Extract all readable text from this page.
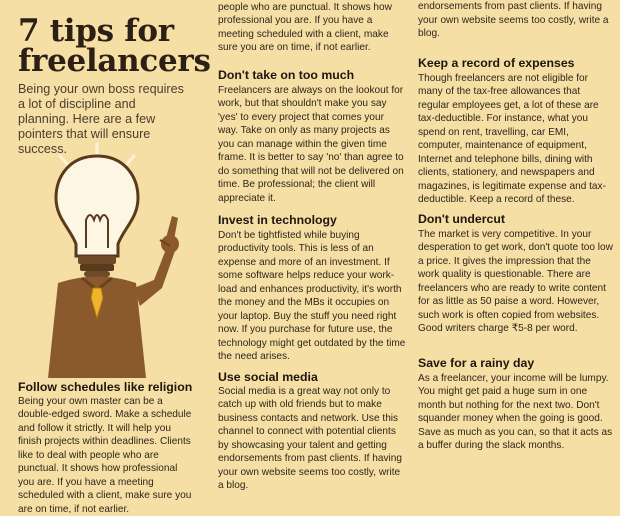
7 tips for freelancers
Being your own boss requires a lot of discipline and planning. Here are a few pointers that will ensure success.
Follow schedules like religion
Being your own master can be a double-edged sword. Make a schedule and follow it strictly. It will help you finish projects within deadlines. Clients like to deal with people who are punctual. It shows how professional you are. If you have a meeting scheduled with a client, make sure you are on time, if not earlier.
people who are punctual. It shows how professional you are. If you have a meeting scheduled with a client, make sure you are on time, if not earlier.
Don't take on too much
Freelancers are always on the lookout for work, but that shouldn't make you say 'yes' to every project that comes your way. Take on only as many projects as you can manage within the given time frame. It is better to say 'no' than agree to do something that will not be delivered on time. Be professional; the client will appreciate it.
Invest in technology
Don't be tightfisted while buying productivity tools. This is less of an expense and more of an investment. If some software helps reduce your work-load and enhances productivity, it's worth the money and the MBs it occupies on your laptop. Buy the stuff you need right now. If you purchase for future use, the technology might get outdated by the time the need arises.
Use social media
Social media is a great way not only to catch up with old friends but to make business contacts and network. Use this channel to connect with potential clients by showcasing your talent and getting endorsements from past clients. If having your own website seems too costly, write a blog.
endorsements from past clients. If having your own website seems too costly, write a blog.
Keep a record of expenses
Though freelancers are not eligible for many of the tax-free allowances that regular employees get, a lot of these are tax-deductible. For instance, what you spend on rent, travelling, car EMI, computer, maintenance of equipment, Internet and telephone bills, dining with clients, stationery, and newspapers and magazines, is legitimate expense and tax-deductible. Keep a record of these.
Don't undercut
The market is very competitive. In your desperation to get work, don't quote too low a price. It gives the impression that the work quality is questionable. There are freelancers who are ready to write content for as little as 50 paise a word. However, such work is often copied from websites. Good writers charge ₹5-8 per word.
Save for a rainy day
As a freelancer, your income will be lumpy. You might get paid a huge sum in one month but nothing for the next two. Don't squander money when the going is good. Save as much as you can, so that it acts as a buffer during the slack months.
